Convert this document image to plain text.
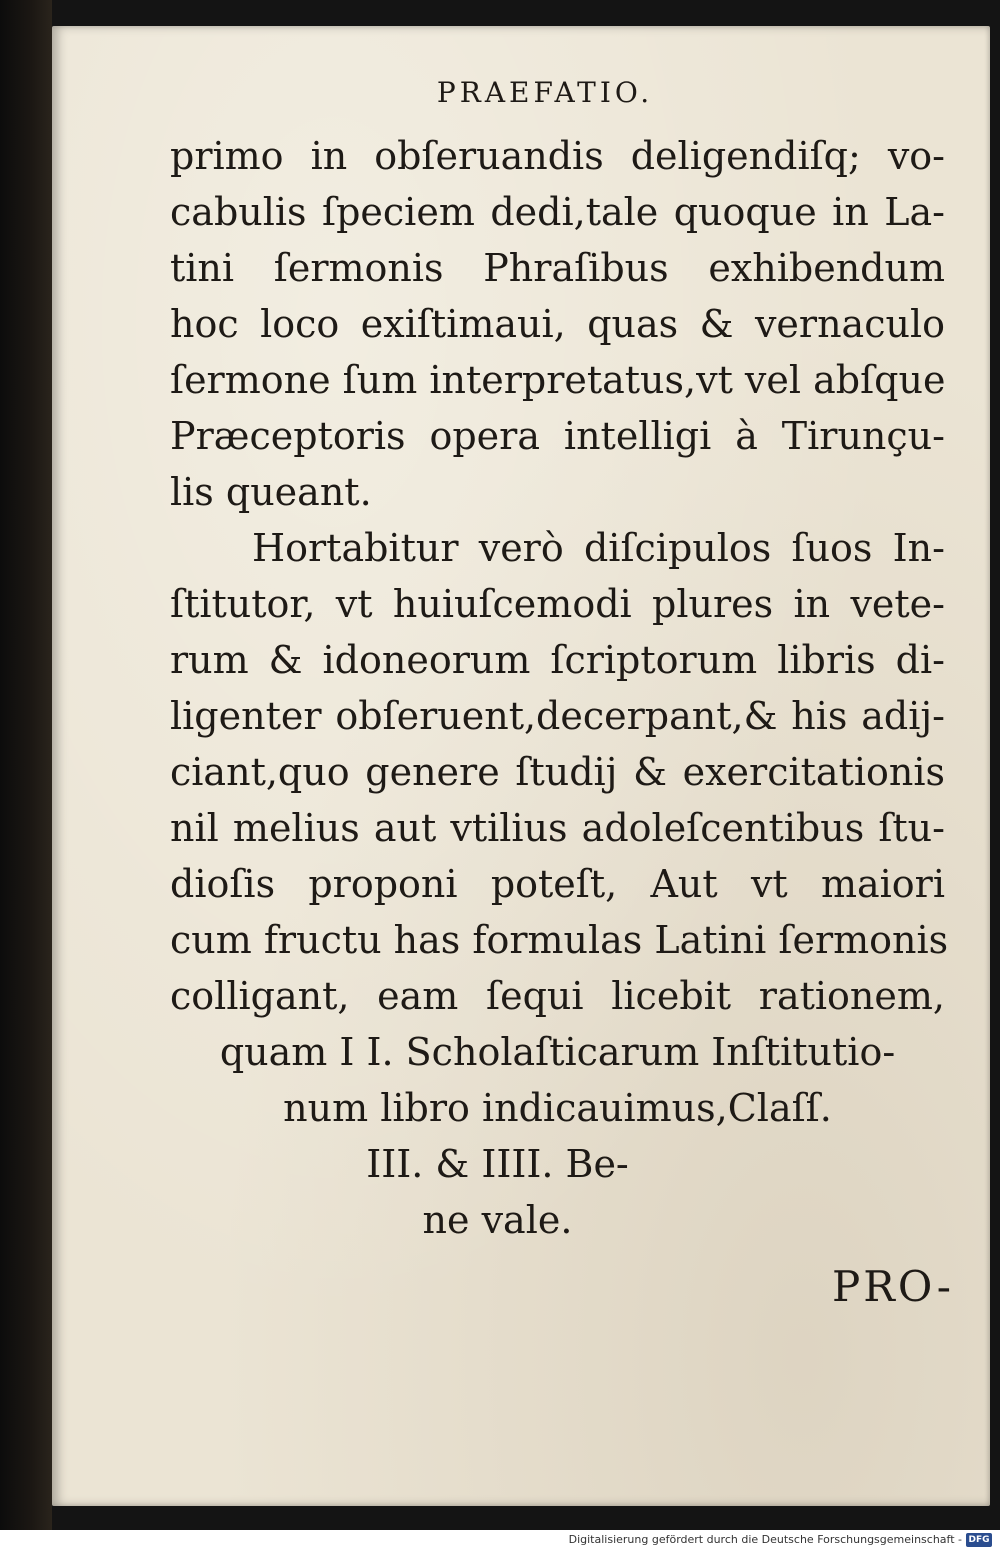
PRAEFATIO.
primo in obſeruandis deligendiſq; vo-
cabulis ſpeciem dedi,tale quoque in La-
tini ſermonis Phraſibus exhibendum
hoc loco exiſtimaui, quas & vernaculo
ſermone ſum interpretatus,vt vel abſque
Præceptoris opera intelligi à Tirunçu-
lis queant.
Hortabitur verò diſcipulos ſuos In-
ſtitutor, vt huiuſcemodi plures in vete-
rum & idoneorum ſcriptorum libris di-
ligenter obſeruent,decerpant,& his adij-
ciant,quo genere ſtudij & exercitationis
nil melius aut vtilius adoleſcentibus ſtu-
dioſis proponi poteſt, Aut vt maiori
cum fructu has formulas Latini ſermonis
colligant, eam ſequi licebit rationem,
quam I I. Scholaſticarum Inſtitutio-
num libro indicauimus,Claſſ.
III. & IIII. Be-
ne vale.
PRO-
Digitalisierung gefördert durch die Deutsche Forschungsgemeinschaft - DFG
